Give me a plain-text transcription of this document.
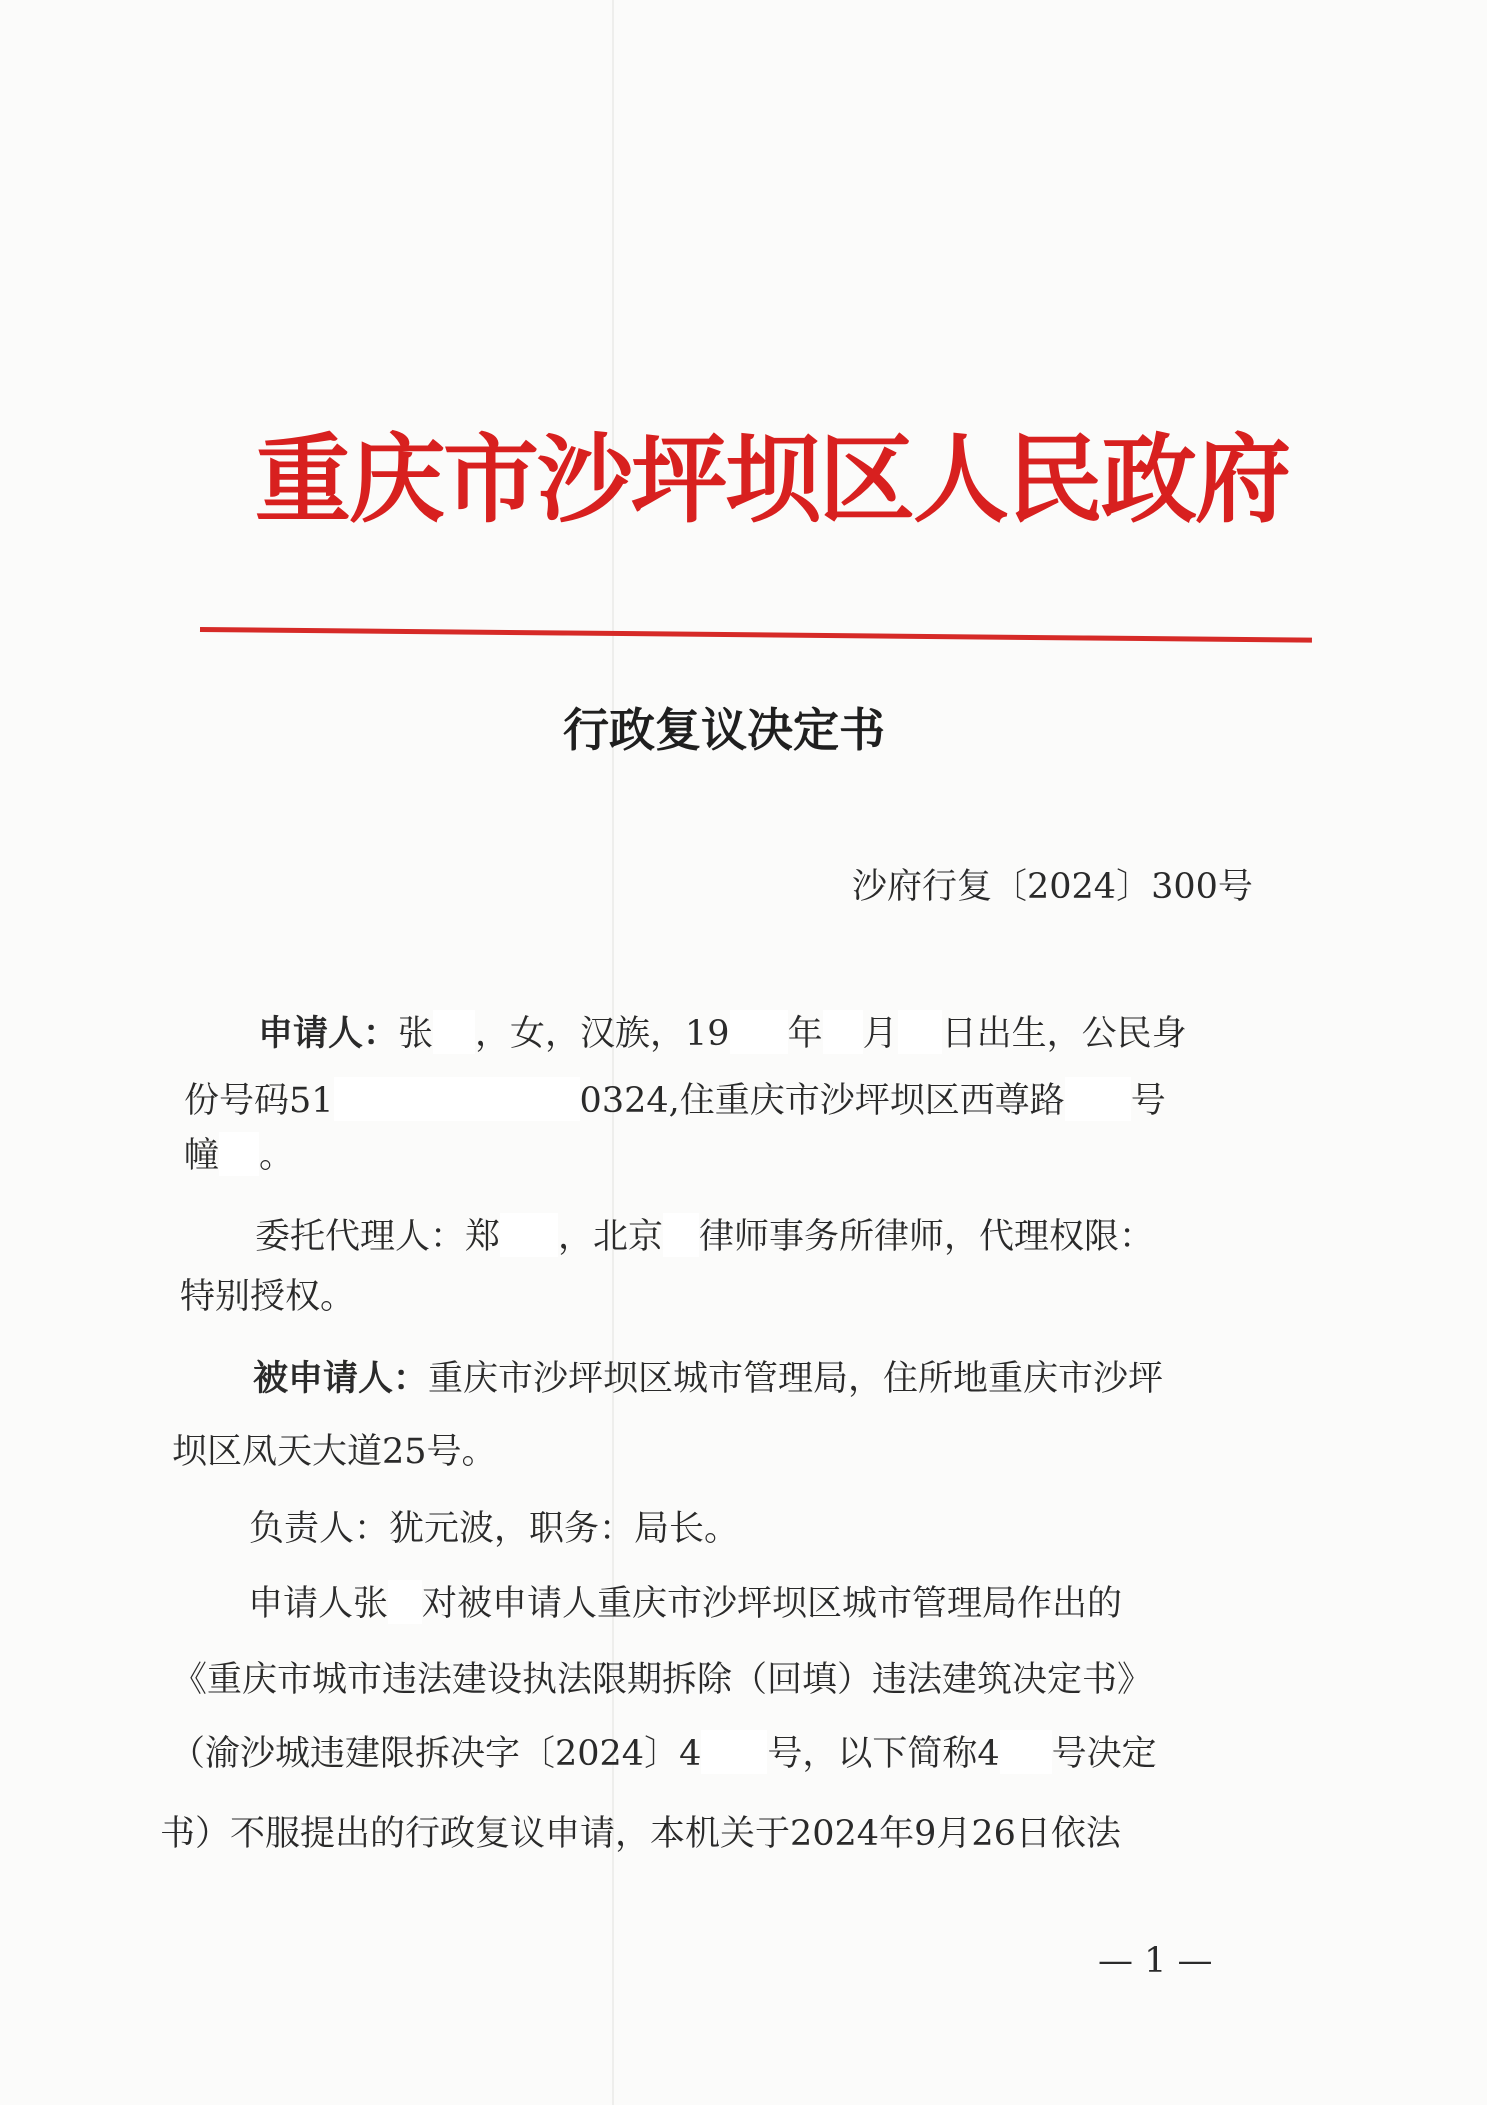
重庆市沙坪坝区人民政府
行政复议决定书
沙府行复〔2024〕300号
申请人：张 ，女，汉族，19 年 月 日出生，公民身
份号码51	0324,住重庆市沙坪坝区西尊路 号
幢 。
委托代理人：郑 ，北京 律师事务所律师，代理权限：
特别授权。
被申请人：重庆市沙坪坝区城市管理局，住所地重庆市沙坪
坝区凤天大道25号。
负责人：犹元波，职务：局长。
申请人张 对被申请人重庆市沙坪坝区城市管理局作出的
《重庆市城市违法建设执法限期拆除（回填）违法建筑决定书》
（渝沙城违建限拆决字〔2024〕4 号，以下简称4 号决定
书）不服提出的行政复议申请，本机关于2024年9月26日依法
— 1 —
